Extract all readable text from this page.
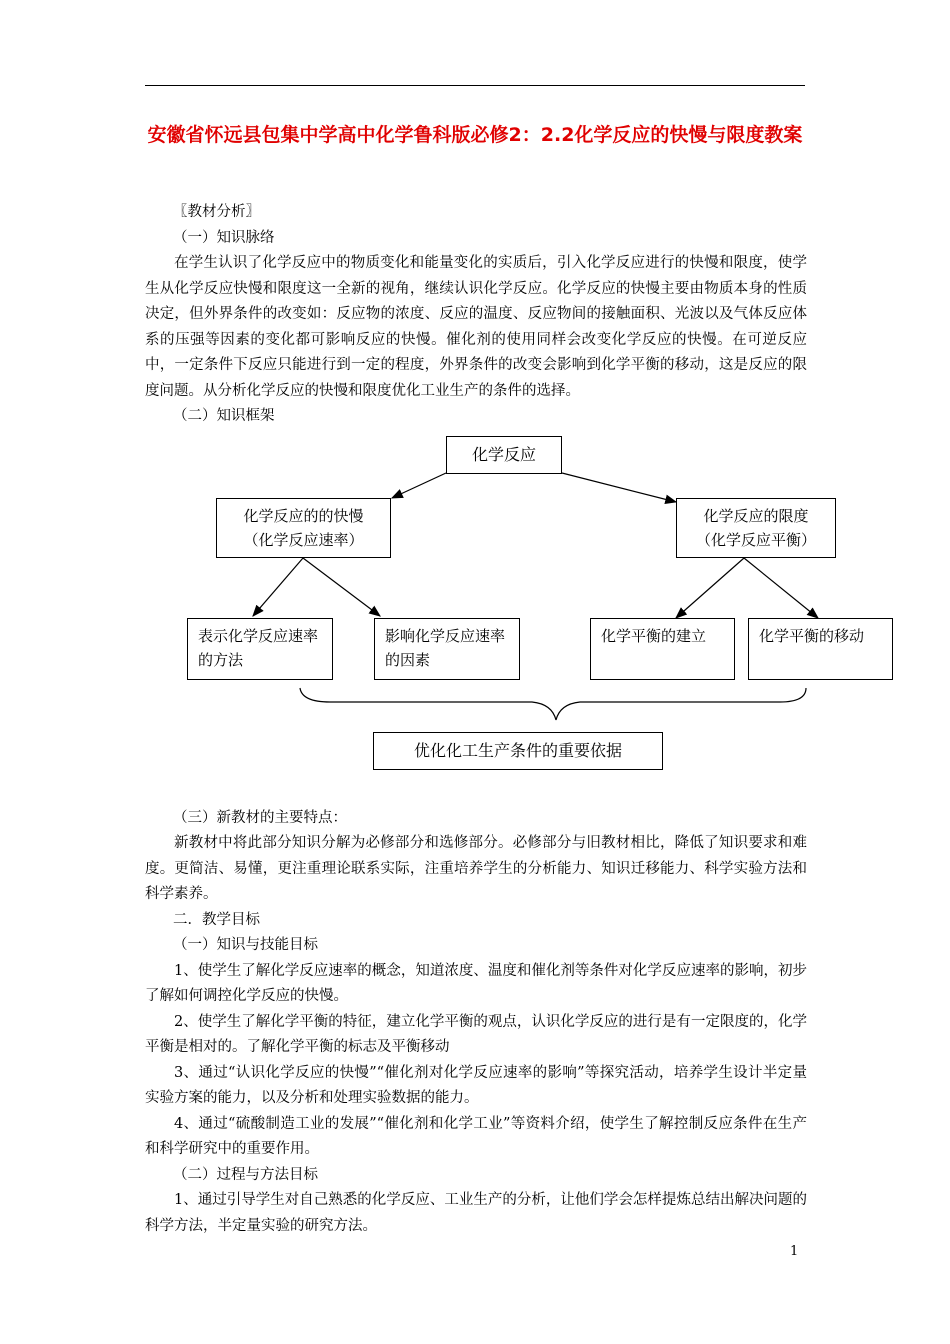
安徽省怀远县包集中学高中化学鲁科版必修2：2.2化学反应的快慢与限度教案

〖教材分析〗

（一）知识脉络

在学生认识了化学反应中的物质变化和能量变化的实质后，引入化学反应进行的快慢和限度，使学生从化学反应快慢和限度这一全新的视角，继续认识化学反应。化学反应的快慢主要由物质本身的性质决定，但外界条件的改变如：反应物的浓度、反应的温度、反应物间的接触面积、光波以及气体反应体系的压强等因素的变化都可影响反应的快慢。催化剂的使用同样会改变化学反应的快慢。在可逆反应中，一定条件下反应只能进行到一定的程度，外界条件的改变会影响到化学平衡的移动，这是反应的限度问题。从分析化学反应的快慢和限度优化工业生产的条件的选择。

（二）知识框架

化学反应
化学反应的的快慢
（化学反应速率）
化学反应的限度
（化学反应平衡）
表示化学反应速率的方法
影响化学反应速率的因素
化学平衡的建立	化学平衡的移动
优化化工生产条件的重要依据

（三）新教材的主要特点：

新教材中将此部分知识分解为必修部分和选修部分。必修部分与旧教材相比，降低了知识要求和难度。更简洁、易懂，更注重理论联系实际，注重培养学生的分析能力、知识迁移能力、科学实验方法和科学素养。

二．教学目标

（一）知识与技能目标

1、使学生了解化学反应速率的概念，知道浓度、温度和催化剂等条件对化学反应速率的影响，初步了解如何调控化学反应的快慢。

2、使学生了解化学平衡的特征，建立化学平衡的观点，认识化学反应的进行是有一定限度的，化学平衡是相对的。了解化学平衡的标志及平衡移动

3、通过“认识化学反应的快慢”“催化剂对化学反应速率的影响”等探究活动，培养学生设计半定量实验方案的能力，以及分析和处理实验数据的能力。

4、通过“硫酸制造工业的发展”“催化剂和化学工业”等资料介绍，使学生了解控制反应条件在生产和科学研究中的重要作用。

（二）过程与方法目标

1、通过引导学生对自己熟悉的化学反应、工业生产的分析，让他们学会怎样提炼总结出解决问题的科学方法，半定量实验的研究方法。

1
